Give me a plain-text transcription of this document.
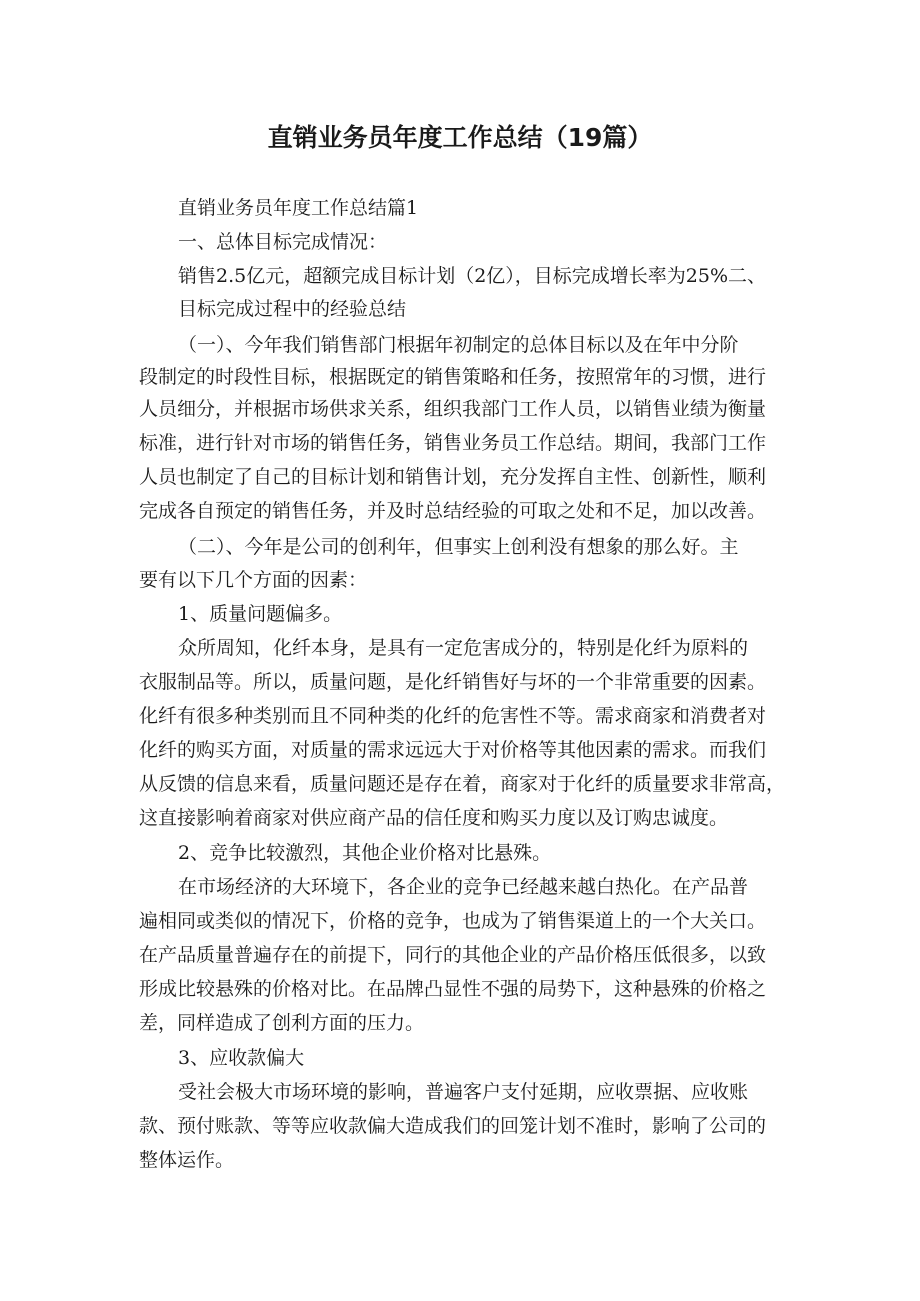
直销业务员年度工作总结（19篇）
直销业务员年度工作总结篇1
一、总体目标完成情况：
销售2.5亿元，超额完成目标计划（2亿），目标完成增长率为25%二、
目标完成过程中的经验总结
（一）、今年我们销售部门根据年初制定的总体目标以及在年中分阶
段制定的时段性目标，根据既定的销售策略和任务，按照常年的习惯，进行
人员细分，并根据市场供求关系，组织我部门工作人员，以销售业绩为衡量
标准，进行针对市场的销售任务，销售业务员工作总结。期间，我部门工作
人员也制定了自己的目标计划和销售计划，充分发挥自主性、创新性，顺利
完成各自预定的销售任务，并及时总结经验的可取之处和不足，加以改善。
（二）、今年是公司的创利年，但事实上创利没有想象的那么好。主
要有以下几个方面的因素：
1、质量问题偏多。
众所周知，化纤本身，是具有一定危害成分的，特别是化纤为原料的
衣服制品等。所以，质量问题，是化纤销售好与坏的一个非常重要的因素。
化纤有很多种类别而且不同种类的化纤的危害性不等。需求商家和消费者对
化纤的购买方面，对质量的需求远远大于对价格等其他因素的需求。而我们
从反馈的信息来看，质量问题还是存在着，商家对于化纤的质量要求非常高，
这直接影响着商家对供应商产品的信任度和购买力度以及订购忠诚度。
2、竞争比较激烈，其他企业价格对比悬殊。
在市场经济的大环境下，各企业的竞争已经越来越白热化。在产品普
遍相同或类似的情况下，价格的竞争，也成为了销售渠道上的一个大关口。
在产品质量普遍存在的前提下，同行的其他企业的产品价格压低很多，以致
形成比较悬殊的价格对比。在品牌凸显性不强的局势下，这种悬殊的价格之
差，同样造成了创利方面的压力。
3、应收款偏大
受社会极大市场环境的影响，普遍客户支付延期，应收票据、应收账
款、预付账款、等等应收款偏大造成我们的回笼计划不准时，影响了公司的
整体运作。
